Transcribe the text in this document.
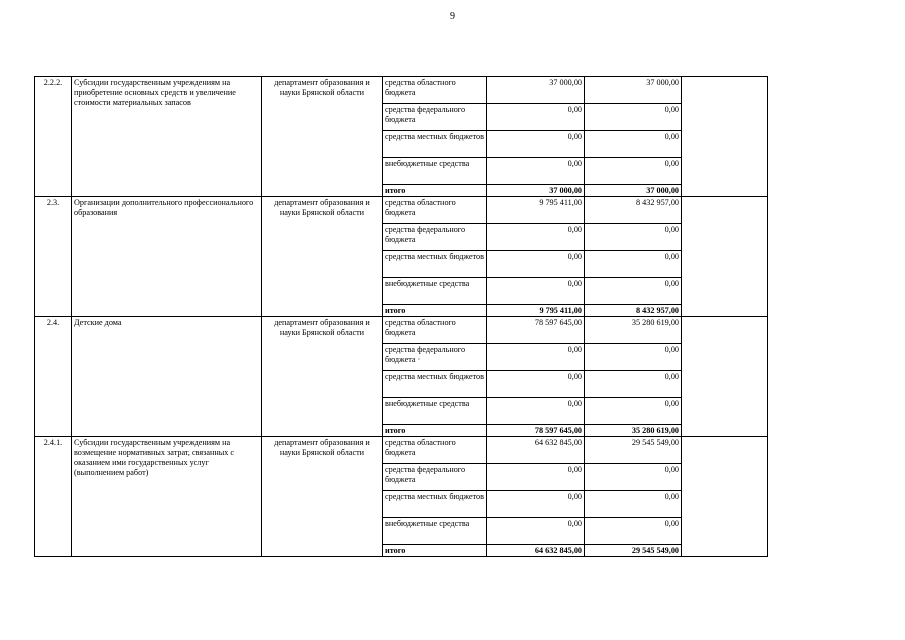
9
2.2.2.	Субсидии государственным учреждениям на приобретение основных средств и увеличение стоимости материальных запасов	департамент образования и науки Брянской области	средства областного бюджета	37 000,00	37 000,00	
			средства федерального бюджета	0,00	0,00	
			средства местных бюджетов	0,00	0,00	
			внебюджетные средства	0,00	0,00	
			итого	37 000,00	37 000,00	
2.3.	Организации дополнительного профессионального образования	департамент образования и науки Брянской области	средства областного бюджета	9 795 411,00	8 432 957,00	
			средства федерального бюджета	0,00	0,00	
			средства местных бюджетов	0,00	0,00	
			внебюджетные средства	0,00	0,00	
			итого	9 795 411,00	8 432 957,00	
2.4.	Детские дома	департамент образования и науки Брянской области	средства областного бюджета	78 597 645,00	35 280 619,00	
			средства федерального бюджета ·	0,00	0,00	
			средства местных бюджетов	0,00	0,00	
			внебюджетные средства	0,00	0,00	
			итого	78 597 645,00	35 280 619,00	
2.4.1.	Субсидии государственным учреждениям на возмещение нормативных затрат, связанных с оказанием ими государственных услуг (выполнением работ)	департамент образования и науки Брянской области	средства областного бюджета	64 632 845,00	29 545 549,00	
			средства федерального бюджета	0,00	0,00	
			средства местных бюджетов	0,00	0,00	
			внебюджетные средства	0,00	0,00	
			итого	64 632 845,00	29 545 549,00	
